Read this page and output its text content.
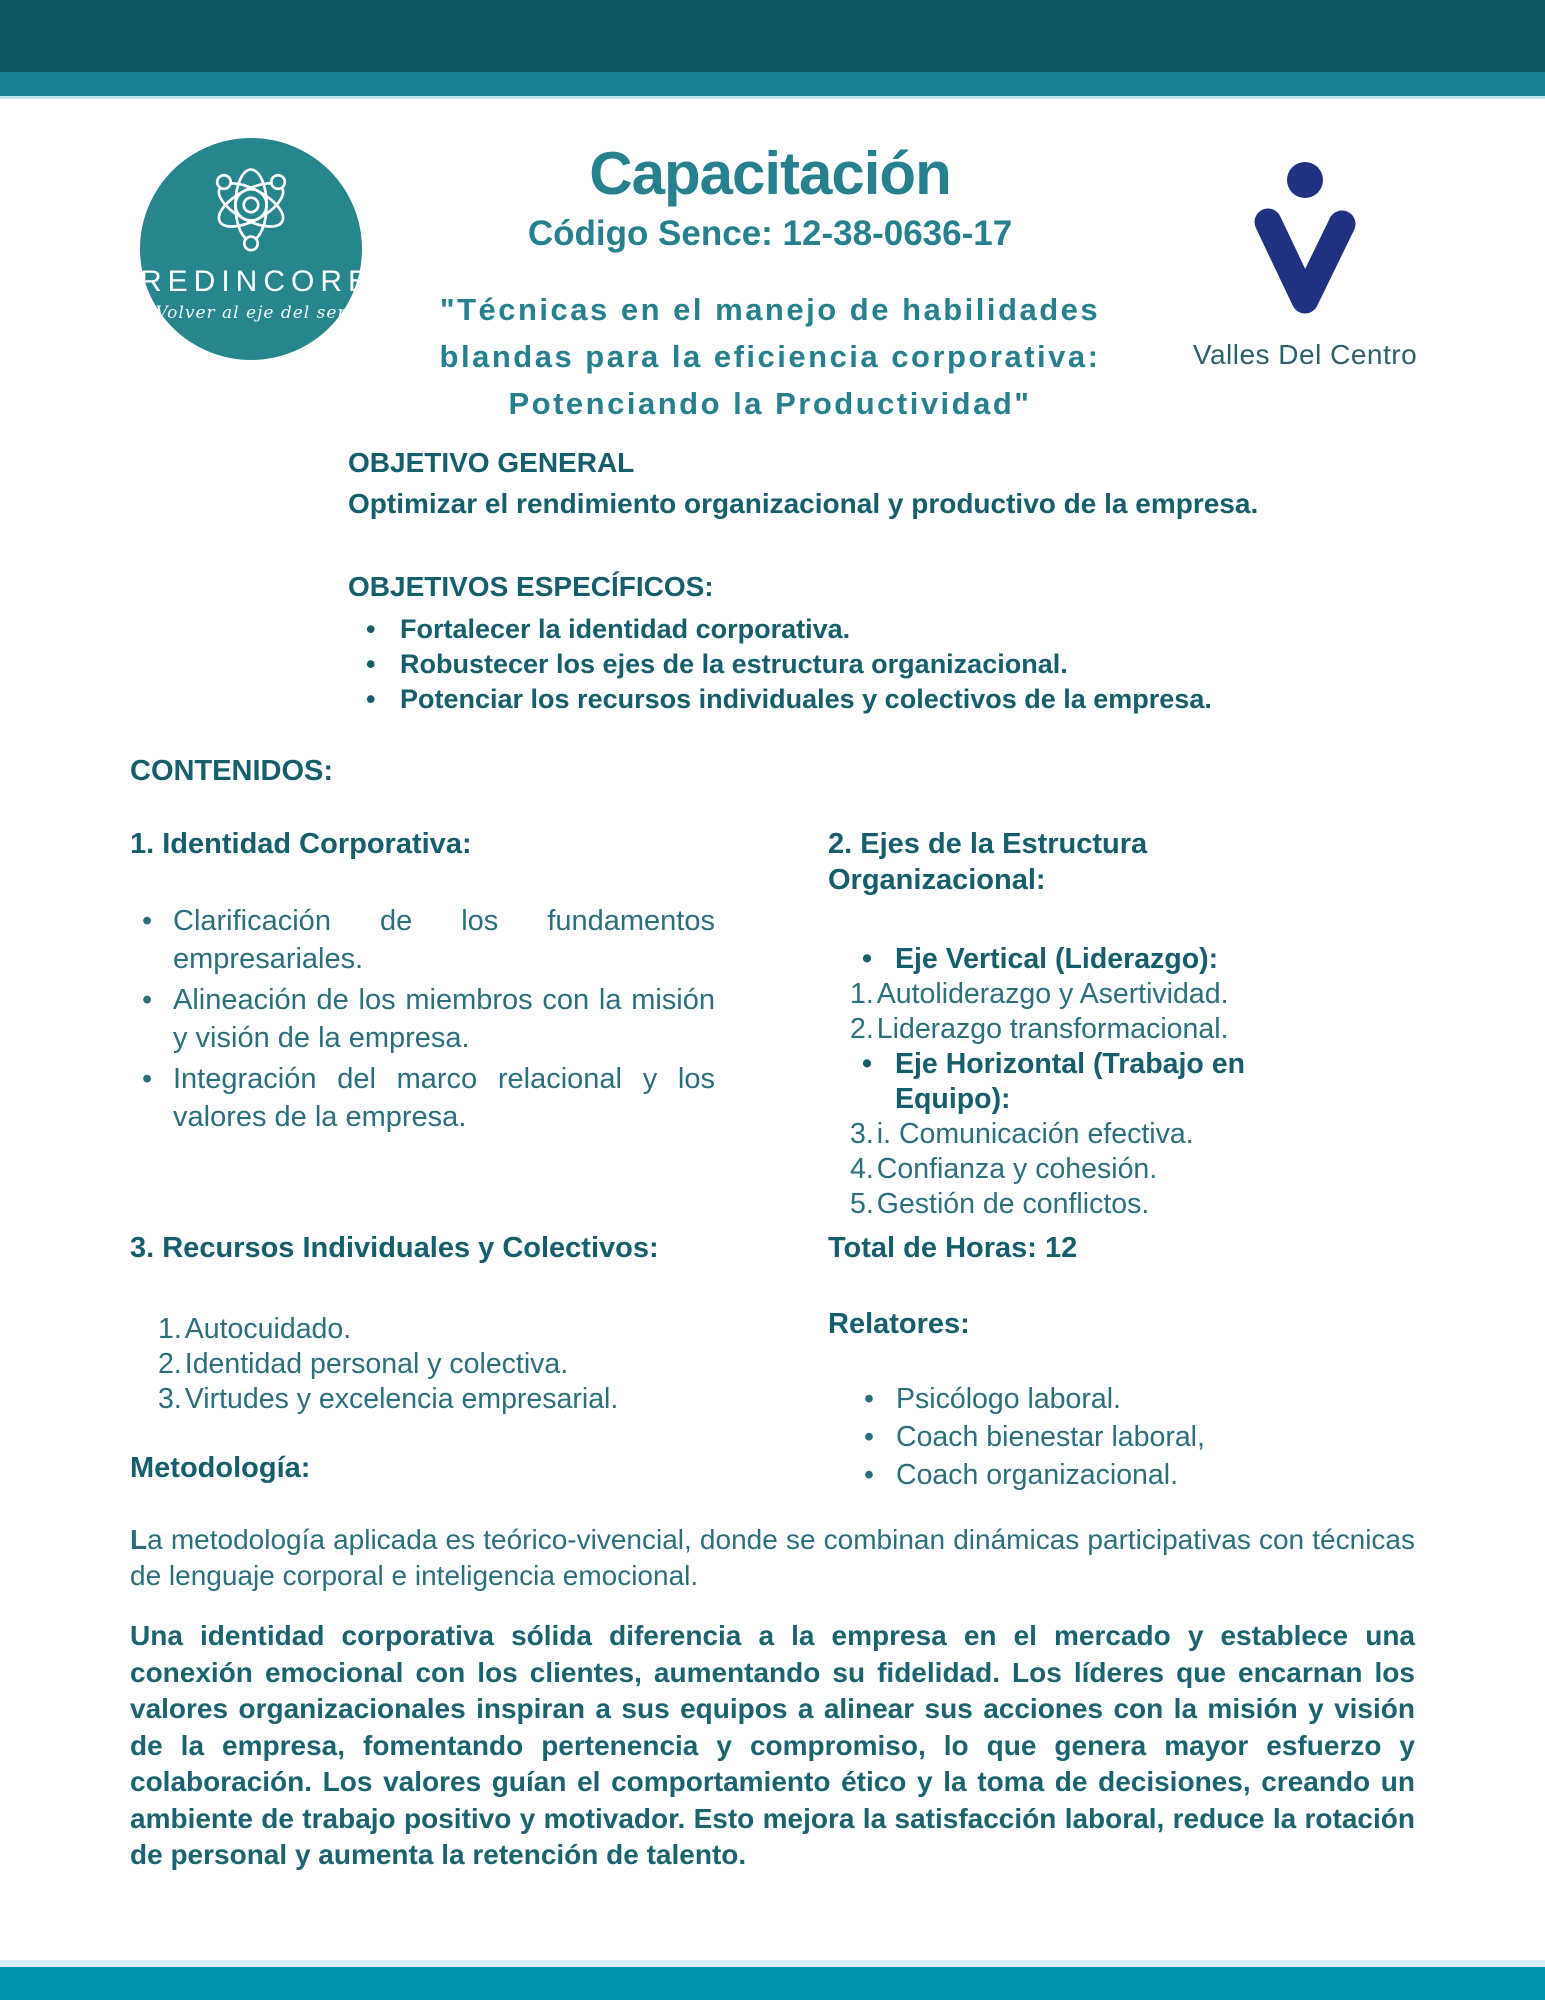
REDINCORE
Volver al eje del ser
Capacitación
Código Sence: 12-38-0636-17
"Técnicas en el manejo de habilidades
blandas para la eficiencia corporativa:
Potenciando la Productividad"
Valles Del Centro
OBJETIVO GENERAL
Optimizar el rendimiento organizacional y productivo de la empresa.
OBJETIVOS ESPECÍFICOS:
• Fortalecer la identidad corporativa.
• Robustecer los ejes de la estructura organizacional.
• Potenciar los recursos individuales y colectivos de la empresa.
CONTENIDOS:
1. Identidad Corporativa:
• Clarificación de los fundamentos empresariales.
• Alineación de los miembros con la misión y visión de la empresa.
• Integración del marco relacional y los valores de la empresa.
2. Ejes de la Estructura Organizacional:
• Eje Vertical (Liderazgo):
1. Autoliderazgo y Asertividad.
2. Liderazgo transformacional.
• Eje Horizontal (Trabajo en Equipo):
3. i. Comunicación efectiva.
4. Confianza y cohesión.
5. Gestión de conflictos.
3. Recursos Individuales y Colectivos:
1. Autocuidado.
2. Identidad personal y colectiva.
3. Virtudes y excelencia empresarial.
Total de Horas: 12
Relatores:
• Psicólogo laboral.
• Coach bienestar laboral,
• Coach organizacional.
Metodología:
La metodología aplicada es teórico-vivencial, donde se combinan dinámicas participativas con técnicas de lenguaje corporal e inteligencia emocional.
Una identidad corporativa sólida diferencia a la empresa en el mercado y establece una conexión emocional con los clientes, aumentando su fidelidad. Los líderes que encarnan los valores organizacionales inspiran a sus equipos a alinear sus acciones con la misión y visión de la empresa, fomentando pertenencia y compromiso, lo que genera mayor esfuerzo y colaboración. Los valores guían el comportamiento ético y la toma de decisiones, creando un ambiente de trabajo positivo y motivador. Esto mejora la satisfacción laboral, reduce la rotación de personal y aumenta la retención de talento.
